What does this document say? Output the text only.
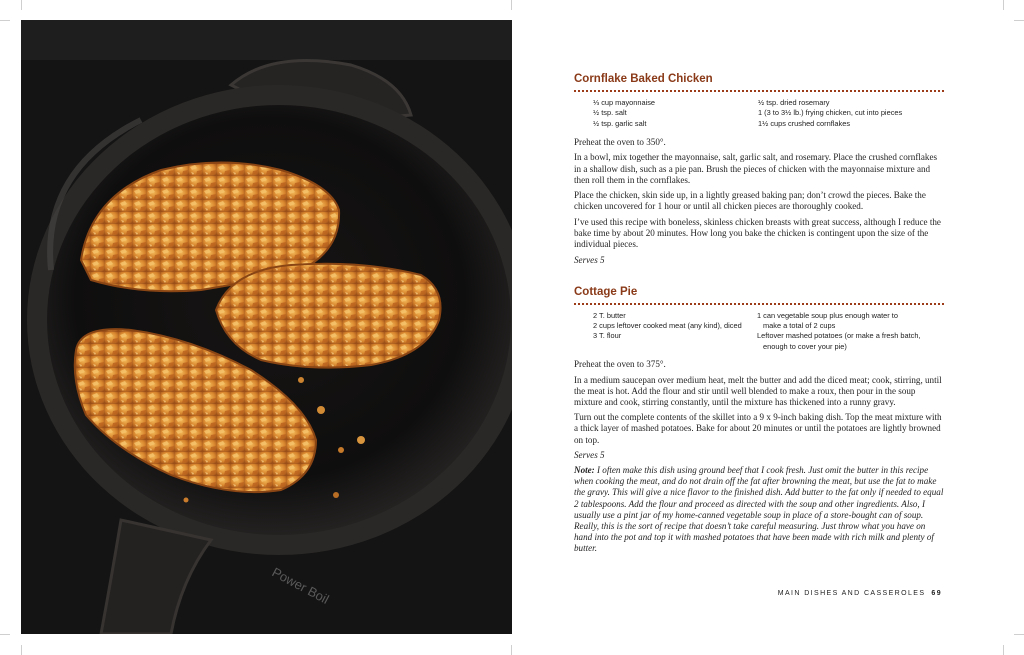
Power Boil
Cornflake Baked Chicken
⅓ cup mayonnaise
½ tsp. salt
½ tsp. garlic salt
½ tsp. dried rosemary
1 (3 to 3½ lb.) frying chicken, cut into pieces
1½ cups crushed cornflakes

Preheat the oven to 350°.

In a bowl, mix together the mayonnaise, salt, garlic salt, and rosemary. Place the crushed cornflakes in a shallow dish, such as a pie pan. Brush the pieces of chicken with the mayonnaise mixture and then roll them in the cornflakes.

Place the chicken, skin side up, in a lightly greased baking pan; don’t crowd the pieces. Bake the chicken uncovered for 1 hour or until all chicken pieces are thoroughly cooked.

I’ve used this recipe with boneless, skinless chicken breasts with great success, although I reduce the bake time by about 20 minutes. How long you bake the chicken is contingent upon the size of the individual pieces.

Serves 5

Cottage Pie
2 T. butter
2 cups leftover cooked meat (any kind), diced
3 T. flour
1 can vegetable soup plus enough water to
make a total of 2 cups
Leftover mashed potatoes (or make a fresh batch,
enough to cover your pie)

Preheat the oven to 375°.

In a medium saucepan over medium heat, melt the butter and add the diced meat; cook, stirring, until the meat is hot. Add the flour and stir until well blended to make a roux, then pour in the soup mixture and cook, stirring constantly, until the mixture has thickened into a runny gravy.

Turn out the complete contents of the skillet into a 9 x 9-inch baking dish. Top the meat mixture with a thick layer of mashed potatoes. Bake for about 20 minutes or until the potatoes are lightly browned on top.

Serves 5

Note: I often make this dish using ground beef that I cook fresh. Just omit the butter in this recipe when cooking the meat, and do not drain off the fat after browning the meat, but use the fat to make the gravy. This will give a nice flavor to the finished dish. Add butter to the fat only if needed to equal 2 tablespoons. Add the flour and proceed as directed with the soup and other ingredients. Also, I usually use a pint jar of my home-canned vegetable soup in place of a store-bought can of soup. Really, this is the sort of recipe that doesn’t take careful measuring. Just throw what you have on hand into the pot and top it with mashed potatoes that have been made with rich milk and plenty of butter.

MAIN DISHES AND CASSEROLES 69
